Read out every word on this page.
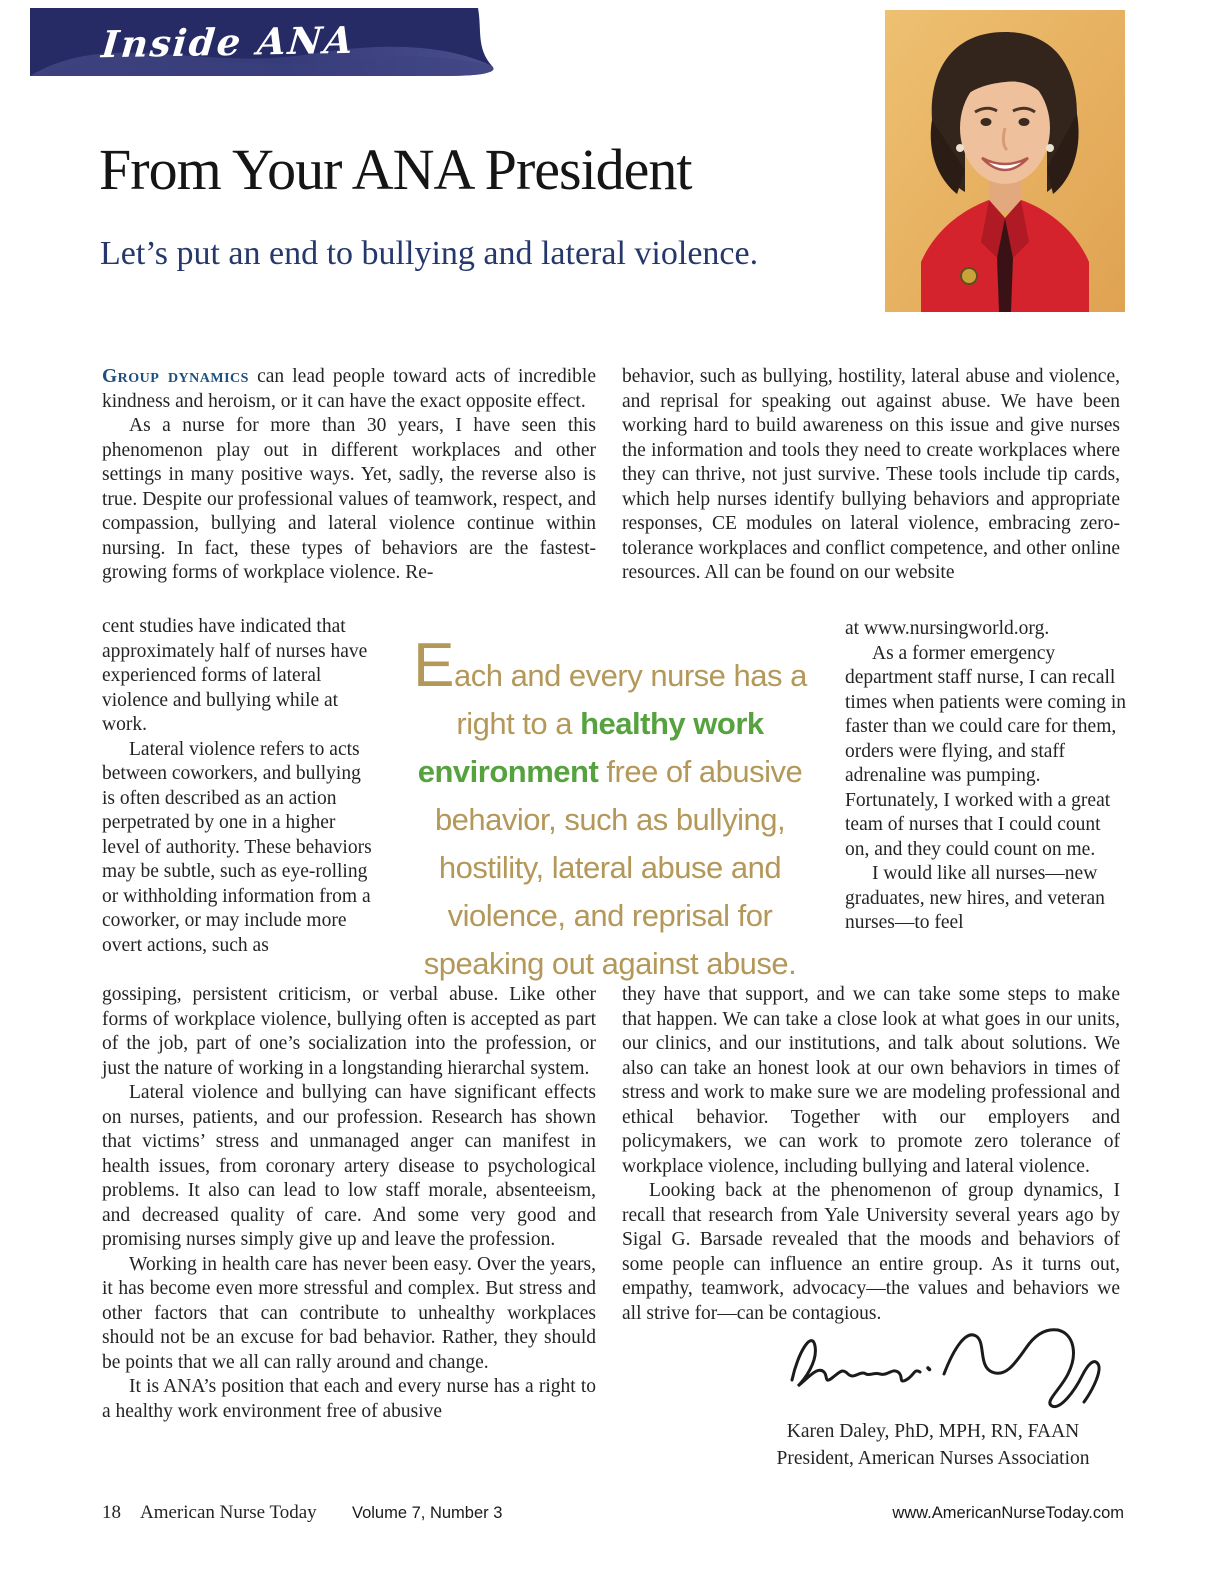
Inside ANA
From Your ANA President
Let’s put an end to bullying and lateral violence.

Group dynamics can lead people toward acts of incredible kindness and heroism, or it can have the exact opposite effect.

As a nurse for more than 30 years, I have seen this phenomenon play out in different workplaces and other settings in many positive ways. Yet, sadly, the reverse also is true. Despite our professional values of teamwork, respect, and compassion, bullying and lateral violence continue within nursing. In fact, these types of behaviors are the fastest-growing forms of workplace violence. Re-

cent studies have indicated that approximately half of nurses have experienced forms of lateral violence and bullying while at work.

Lateral violence refers to acts between coworkers, and bullying is often described as an action perpetrated by one in a higher level of authority. These behaviors may be subtle, such as eye-rolling or withholding information from a coworker, or may include more overt actions, such as

gossiping, persistent criticism, or verbal abuse. Like other forms of workplace violence, bullying often is accepted as part of the job, part of one’s socialization into the profession, or just the nature of working in a longstanding hierarchal system.

Lateral violence and bullying can have significant effects on nurses, patients, and our profession. Research has shown that victims’ stress and unmanaged anger can manifest in health issues, from coronary artery disease to psychological problems. It also can lead to low staff morale, absenteeism, and decreased quality of care. And some very good and promising nurses simply give up and leave the profession.

Working in health care has never been easy. Over the years, it has become even more stressful and complex. But stress and other factors that can contribute to unhealthy workplaces should not be an excuse for bad behavior. Rather, they should be points that we all can rally around and change.

It is ANA’s position that each and every nurse has a right to a healthy work environment free of abusive

Each and every nurse has a right to a healthy work environment free of abusive behavior, such as bullying, hostility, lateral abuse and violence, and reprisal for speaking out against abuse.

behavior, such as bullying, hostility, lateral abuse and violence, and reprisal for speaking out against abuse. We have been working hard to build awareness on this issue and give nurses the information and tools they need to create workplaces where they can thrive, not just survive. These tools include tip cards, which help nurses identify bullying behaviors and appropriate responses, CE modules on lateral violence, embracing zero-tolerance workplaces and conflict competence, and other online resources. All can be found on our website

at www.nursingworld.org.

As a former emergency department staff nurse, I can recall times when patients were coming in faster than we could care for them, orders were flying, and staff adrenaline was pumping. Fortunately, I worked with a great team of nurses that I could count on, and they could count on me.

I would like all nurses—new graduates, new hires, and veteran nurses—to feel

they have that support, and we can take some steps to make that happen. We can take a close look at what goes in our units, our clinics, and our institutions, and talk about solutions. We also can take an honest look at our own behaviors in times of stress and work to make sure we are modeling professional and ethical behavior. Together with our employers and policymakers, we can work to promote zero tolerance of workplace violence, including bullying and lateral violence.

Looking back at the phenomenon of group dynamics, I recall that research from Yale University several years ago by Sigal G. Barsade revealed that the moods and behaviors of some people can influence an entire group. As it turns out, empathy, teamwork, advocacy—the values and behaviors we all strive for—can be contagious.

Karen Daley, PhD, MPH, RN, FAAN
President, American Nurses Association
18 American Nurse Today Volume 7, Number 3	www.AmericanNurseToday.com
